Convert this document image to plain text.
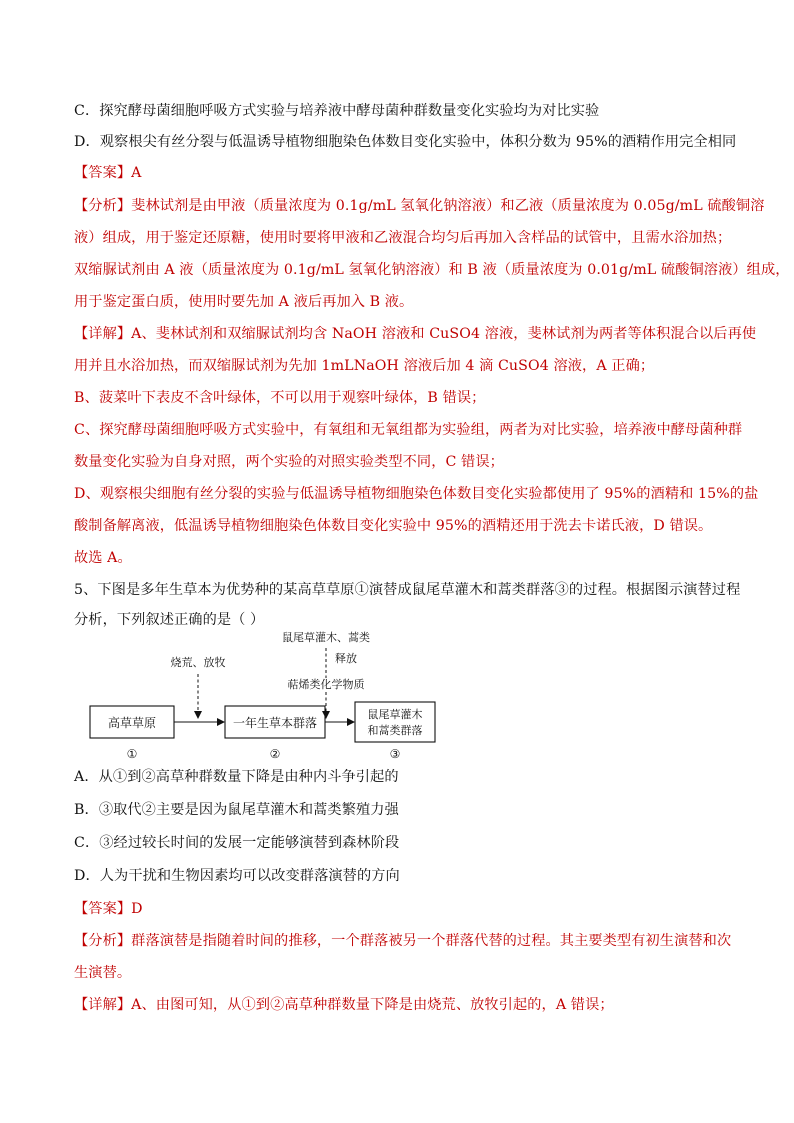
C．探究酵母菌细胞呼吸方式实验与培养液中酵母菌种群数量变化实验均为对比实验
D．观察根尖有丝分裂与低温诱导植物细胞染色体数目变化实验中，体积分数为 95%的酒精作用完全相同
【答案】A
【分析】斐林试剂是由甲液（质量浓度为 0.1g/mL 氢氧化钠溶液）和乙液（质量浓度为 0.05g/mL 硫酸铜溶
液）组成，用于鉴定还原糖，使用时要将甲液和乙液混合均匀后再加入含样品的试管中，且需水浴加热；
双缩脲试剂由 A 液（质量浓度为 0.1g/mL 氢氧化钠溶液）和 B 液（质量浓度为 0.01g/mL 硫酸铜溶液）组成，
用于鉴定蛋白质，使用时要先加 A 液后再加入 B 液。
【详解】A、斐林试剂和双缩脲试剂均含 NaOH 溶液和 CuSO4 溶液，斐林试剂为两者等体积混合以后再使
用并且水浴加热，而双缩脲试剂为先加 1mLNaOH 溶液后加 4 滴 CuSO4 溶液，A 正确；
B、菠菜叶下表皮不含叶绿体，不可以用于观察叶绿体，B 错误；
C、探究酵母菌细胞呼吸方式实验中，有氧组和无氧组都为实验组，两者为对比实验，培养液中酵母菌种群
数量变化实验为自身对照，两个实验的对照实验类型不同，C 错误；
D、观察根尖细胞有丝分裂的实验与低温诱导植物细胞染色体数目变化实验都使用了 95%的酒精和 15%的盐
酸制备解离液，低温诱导植物细胞染色体数目变化实验中 95%的酒精还用于洗去卡诺氏液，D 错误。
故选 A。
5、下图是多年生草本为优势种的某高草草原①演替成鼠尾草灌木和蒿类群落③的过程。根据图示演替过程
分析，下列叙述正确的是（ ）
高草草原	一年生草本群落
鼠尾草灌木
和蒿类群落
烧荒、放牧
鼠尾草灌木、蒿类
释放
萜烯类化学物质
①	②	③
A．从①到②高草种群数量下降是由种内斗争引起的
B．③取代②主要是因为鼠尾草灌木和蒿类繁殖力强
C．③经过较长时间的发展一定能够演替到森林阶段
D．人为干扰和生物因素均可以改变群落演替的方向
【答案】D
【分析】群落演替是指随着时间的推移，一个群落被另一个群落代替的过程。其主要类型有初生演替和次
生演替。
【详解】A、由图可知，从①到②高草种群数量下降是由烧荒、放牧引起的，A 错误；
